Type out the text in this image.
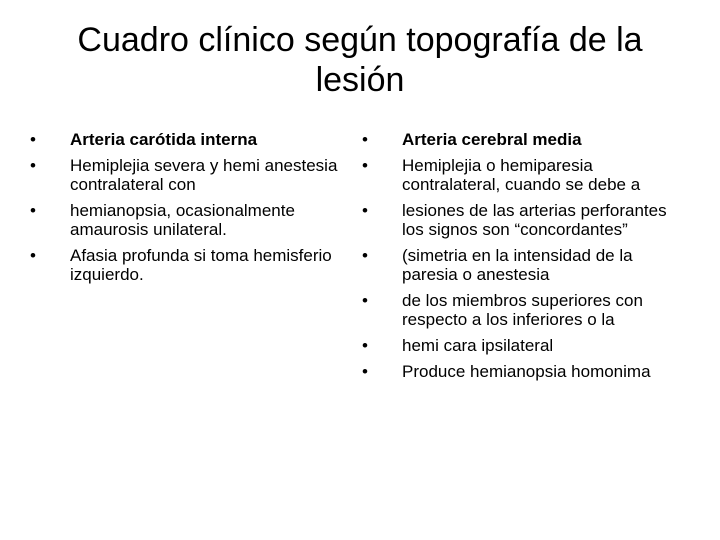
Cuadro clínico según topografía de la lesión
•	Arteria carótida interna
•	Hemiplejia severa y hemi anestesia contralateral con
•	hemianopsia, ocasionalmente amaurosis unilateral.
•	Afasia profunda si toma hemisferio izquierdo.
•	Arteria cerebral media
•	Hemiplejia o hemiparesia contralateral, cuando se debe a
•	lesiones de las arterias perforantes los signos son “concordantes”
•	(simetria en la intensidad de la paresia o anestesia
•	de los miembros superiores con respecto a los inferiores o la
•	hemi cara ipsilateral
•	Produce hemianopsia homonima
